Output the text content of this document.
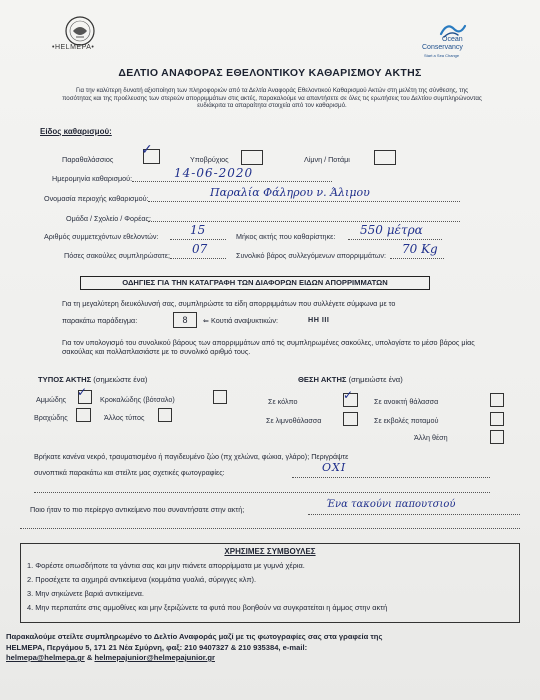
•HELMEPA•
Ocean
Conservancy
Start a Sea Change
ΔΕΛΤΙΟ ΑΝΑΦΟΡΑΣ ΕΘΕΛΟΝΤΙΚΟΥ ΚΑΘΑΡΙΣΜΟΥ ΑΚΤΗΣ
Για την καλύτερη δυνατή αξιοποίηση των πληροφοριών από τα Δελτία Αναφοράς Εθελοντικού Καθαρισμού Ακτών στη μελέτη της σύνθεσης, της ποσότητας και της προέλευσης των στερεών απορριμμάτων στις ακτές, παρακαλούμε να απαντήσετε σε όλες τις ερωτήσεις του Δελτίου συμπληρώνοντας ευδιάκριτα τα απαραίτητα στοιχεία από τον καθαρισμό.
Είδος καθαρισμού:
Παραθαλάσσιος
✓
Υποβρύχιος	Λίμνη / Ποτάμι
Ημερομηνία καθαρισμού:	14-06-2020
Ονομασία περιοχής καθαρισμού:	Παραλία Φάληρου ν. Άλιμου
Ομάδα / Σχολείο / Φορέας:
Αριθμός συμμετεχόντων εθελοντών:	15	Μήκος ακτής που καθαρίστηκε: 550 μέτρα
Πόσες σακούλες συμπληρώσατε; 07	Συνολικό βάρος συλλεγόμενων απορριμμάτων: 70 Kg
ΟΔΗΓΙΕΣ ΓΙΑ ΤΗΝ ΚΑΤΑΓΡΑΦΗ ΤΩΝ ΔΙΑΦΟΡΩΝ ΕΙΔΩΝ ΑΠΟΡΡΙΜΜΑΤΩΝ
Για τη μεγαλύτερη διευκόλυνσή σας, συμπληρώστε τα είδη απορριμμάτων που συλλέγετε σύμφωνα με το
παρακάτω παράδειγμα:	8	⇐ Κουτιά αναψυκτικών:	ΗΗ ΙΙΙ
Για τον υπολογισμό του συνολικού βάρους των απορριμμάτων από τις συμπληρωμένες σακούλες, υπολογίστε το μέσο βάρος μίας σακούλας και πολλαπλασιάστε με το συνολικό αριθμό τους.
ΤΥΠΟΣ ΑΚΤΗΣ (σημειώστε ένα)
Αμμώδης
✓
Κροκαλώδης (βότσαλο)
Βραχώδης	Άλλος τύπος
ΘΕΣΗ ΑΚΤΗΣ (σημειώστε ένα)
Σε κόλπο	✓	Σε ανοικτή θάλασσα
Σε λιμνοθάλασσα	Σε εκβολές ποταμού
Άλλη θέση
Βρήκατε κανένα νεκρό, τραυματισμένο ή παγιδευμένο ζώο (πχ χελώνα, φώκια, γλάρο); Περιγράψτε
συνοπτικά παρακάτω και στείλτε μας σχετικές φωτογραφίες:	ΟΧΙ
Ποιο ήταν το πιο περίεργο αντικείμενο που συναντήσατε στην ακτή;	Ένα τακούνι παπουτσιού
ΧΡΗΣΙΜΕΣ ΣΥΜΒΟΥΛΕΣ
1. Φορέστε οπωσδήποτε τα γάντια σας και μην πιάνετε απορρίμματα με γυμνά χέρια.
2. Προσέχετε τα αιχμηρά αντικείμενα (κομμάτια γυαλιά, σύριγγες κλπ).
3. Μην σηκώνετε βαριά αντικείμενα.
4. Μην περπατάτε στις αμμοθίνες και μην ξεριζώνετε τα φυτά που βοηθούν να συγκρατείται η άμμος στην ακτή
Παρακαλούμε στείλτε συμπληρωμένο το Δελτίο Αναφοράς μαζί με τις φωτογραφίες σας στα γραφεία της
HELMEPA, Περγάμου 5, 171 21 Νέα Σμύρνη, φαξ: 210 9407327 & 210 935384, e-mail:
helmepa@helmepa.gr & helmepajunior@helmepajunior.gr
